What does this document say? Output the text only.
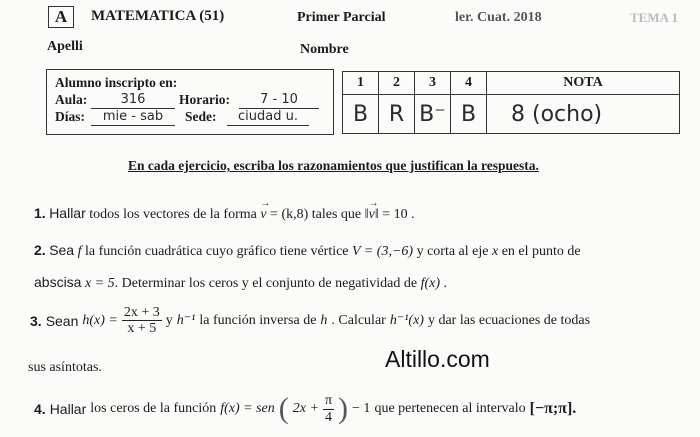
A	MATEMATICA (51)	Primer Parcial	ler. Cuat. 2018	TEMA 1
Apelli	Nombre
Alumno inscripto en:
Aula:	316	Horario:	7 - 10
Días:	mie - sab	Sede:	ciudad u.
1	2	3	4	NOTA
B	R	B⁻	B	8 (ocho)
En cada ejercicio, escriba los razonamientos que justifican la respuesta.
1. Hallar todos los vectores de la forma v
→
= (k,8) tales que ‖v
→
‖ = 10 .
2. Sea f la función cuadrática cuyo gráfico tiene vértice V = (3,−6) y corta al eje x en el punto de
abscisa x = 5. Determinar los ceros y el conjunto de negatividad de f(x) .
3. Sean $h(x) = \frac{2x + 3}{x + 5}$ y h⁻¹ la función inversa de h . Calcular h⁻¹(x) y dar las ecuaciones de todas
sus asíntotas.	Altillo.com
4. Hallar los ceros de la función f(x) = sen ( $2x + \frac{\pi}{4}$ ) − 1 que pertenecen al intervalo [−π;π].
